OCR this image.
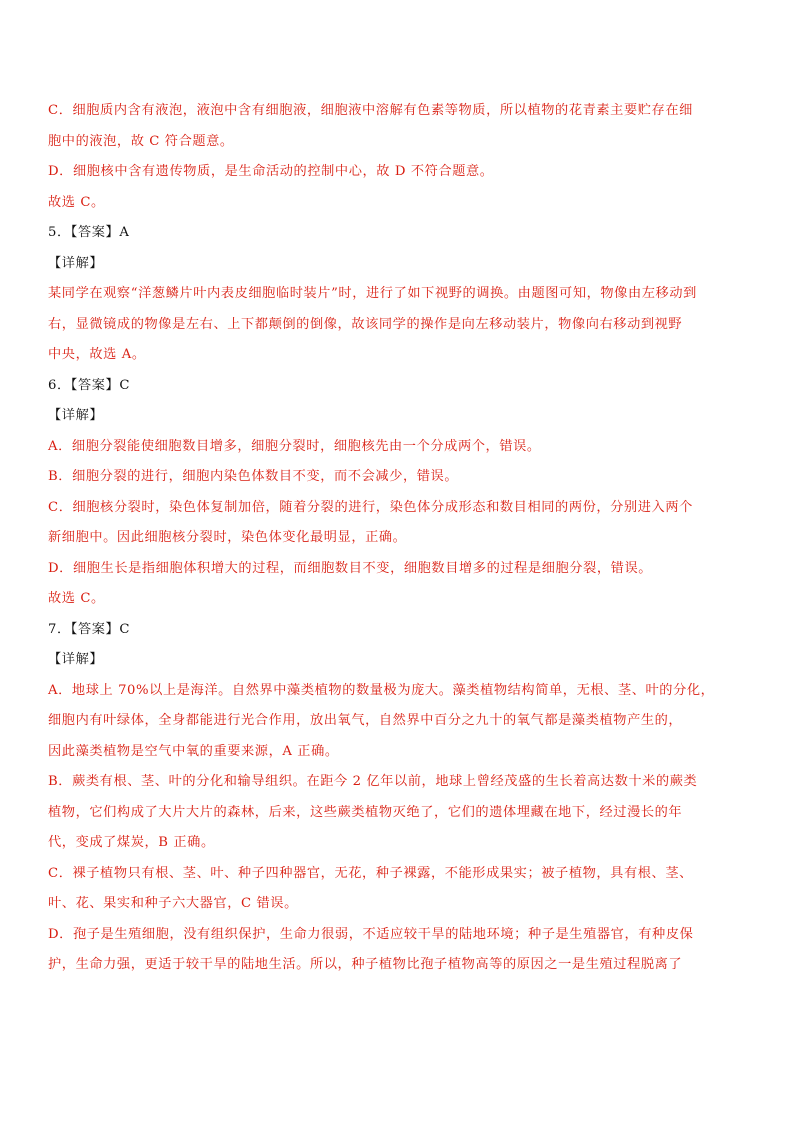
C．细胞质内含有液泡，液泡中含有细胞液，细胞液中溶解有色素等物质，所以植物的花青素主要贮存在细
胞中的液泡，故 C 符合题意。
D．细胞核中含有遗传物质，是生命活动的控制中心，故 D 不符合题意。
故选 C。
5．【答案】A
【详解】
某同学在观察“洋葱鳞片叶内表皮细胞临时装片”时，进行了如下视野的调换。由题图可知，物像由左移动到
右，显微镜成的物像是左右、上下都颠倒的倒像，故该同学的操作是向左移动装片，物像向右移动到视野
中央，故选 A。
6．【答案】C
【详解】
A．细胞分裂能使细胞数目增多，细胞分裂时，细胞核先由一个分成两个，错误。
B．细胞分裂的进行，细胞内染色体数目不变，而不会减少，错误。
C．细胞核分裂时，染色体复制加倍，随着分裂的进行，染色体分成形态和数目相同的两份，分别进入两个
新细胞中。因此细胞核分裂时，染色体变化最明显，正确。
D．细胞生长是指细胞体积增大的过程，而细胞数目不变，细胞数目增多的过程是细胞分裂，错误。
故选 C。
7．【答案】C
【详解】
A．地球上 70%以上是海洋。自然界中藻类植物的数量极为庞大。藻类植物结构简单，无根、茎、叶的分化，
细胞内有叶绿体，全身都能进行光合作用，放出氧气，自然界中百分之九十的氧气都是藻类植物产生的，
因此藻类植物是空气中氧的重要来源，A 正确。
B．蕨类有根、茎、叶的分化和输导组织。在距今 2 亿年以前，地球上曾经茂盛的生长着高达数十米的蕨类
植物，它们构成了大片大片的森林，后来，这些蕨类植物灭绝了，它们的遗体埋藏在地下，经过漫长的年
代，变成了煤炭，B 正确。
C．裸子植物只有根、茎、叶、种子四种器官，无花，种子裸露，不能形成果实；被子植物，具有根、茎、
叶、花、果实和种子六大器官，C 错误。
D．孢子是生殖细胞，没有组织保护，生命力很弱，不适应较干旱的陆地环境；种子是生殖器官，有种皮保
护，生命力强，更适于较干旱的陆地生活。所以，种子植物比孢子植物高等的原因之一是生殖过程脱离了
